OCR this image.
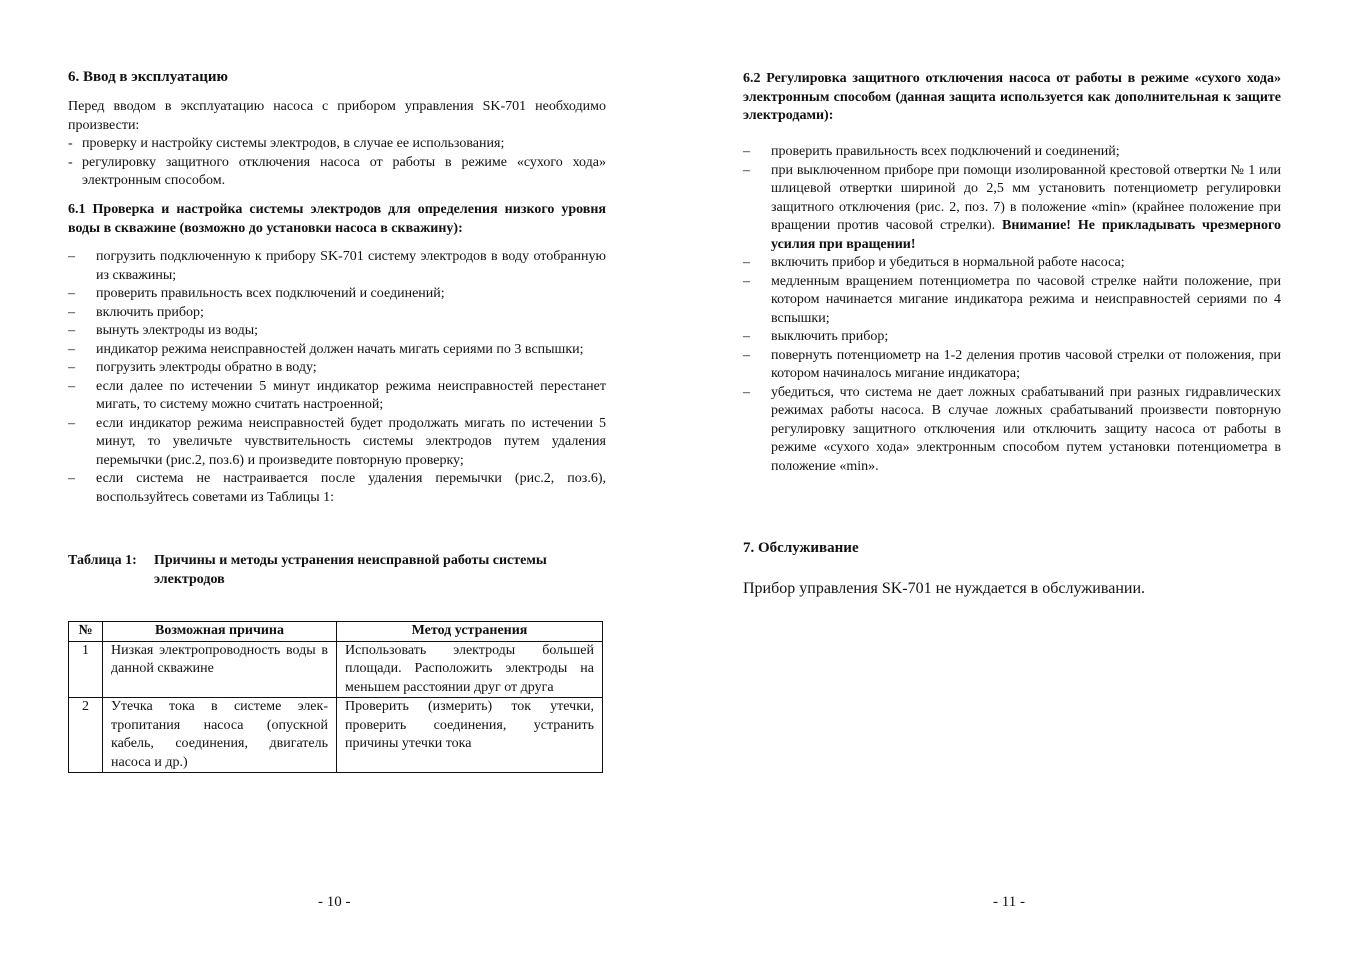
6. Ввод в эксплуатацию

Перед вводом в эксплуатацию насоса с прибором управления SK-701 необходимо произвести:

- проверку и настройку системы электродов, в случае ее использования;
- регулировку защитного отключения насоса от работы в режиме «сухого хода» электронным способом.
6.1 Проверка и настройка системы электродов для определения низкого уровня воды в скважине (возможно до установки насоса в скважину):
– погрузить подключенную к прибору SK-701 систему электродов в воду отобранную из скважины;
– проверить правильность всех подключений и соединений;
– включить прибор;
– вынуть электроды из воды;
– индикатор режима неисправностей должен начать мигать сериями по 3 вспышки;
– погрузить электроды обратно в воду;
– если далее по истечении 5 минут индикатор режима неисправностей перестанет мигать, то систему можно считать настроенной;
– если индикатор режима неисправностей будет продолжать мигать по истечении 5 минут, то увеличьте чувствительность системы электродов путем удаления перемычки (рис.2, поз.6) и произведите повторную проверку;
– если система не настраивается после удаления перемычки (рис.2, поз.6), воспользуйтесь советами из Таблицы 1:
Таблица 1: Причины и методы устранения неисправной работы системы электродов
№	Возможная причина	Метод устранения
1	Низкая электропроводность воды в данной скважине	Использовать электроды большей площади. Расположить электроды на меньшем расстоянии друг от друга
2	Утечка тока в системе элек-тропитания насоса (опускной кабель, соединения, двигатель насоса и др.)	Проверить (измерить) ток утечки, проверить соединения, устранить причины утечки тока
- 10 -
6.2 Регулировка защитного отключения насоса от работы в режиме «сухого хода» электронным способом (данная защита используется как дополнительная к защите электродами):
– проверить правильность всех подключений и соединений;
– при выключенном приборе при помощи изолированной крестовой отвертки № 1 или шлицевой отвертки шириной до 2,5 мм установить потенциометр регулировки защитного отключения (рис. 2, поз. 7) в положение «min» (крайнее положение при вращении против часовой стрелки). Внимание! Не прикладывать чрезмерного усилия при вращении!
– включить прибор и убедиться в нормальной работе насоса;
– медленным вращением потенциометра по часовой стрелке найти положение, при котором начинается мигание индикатора режима и неисправностей сериями по 4 вспышки;
– выключить прибор;
– повернуть потенциометр на 1-2 деления против часовой стрелки от положения, при котором начиналось мигание индикатора;
– убедиться, что система не дает ложных срабатываний при разных гидравлических режимах работы насоса. В случае ложных срабатываний произвести повторную регулировку защитного отключения или отключить защиту насоса от работы в режиме «сухого хода» электронным способом путем установки потенциометра в положение «min».
7. Обслуживание

Прибор управления SK-701 не нуждается в обслуживании.

- 11 -
